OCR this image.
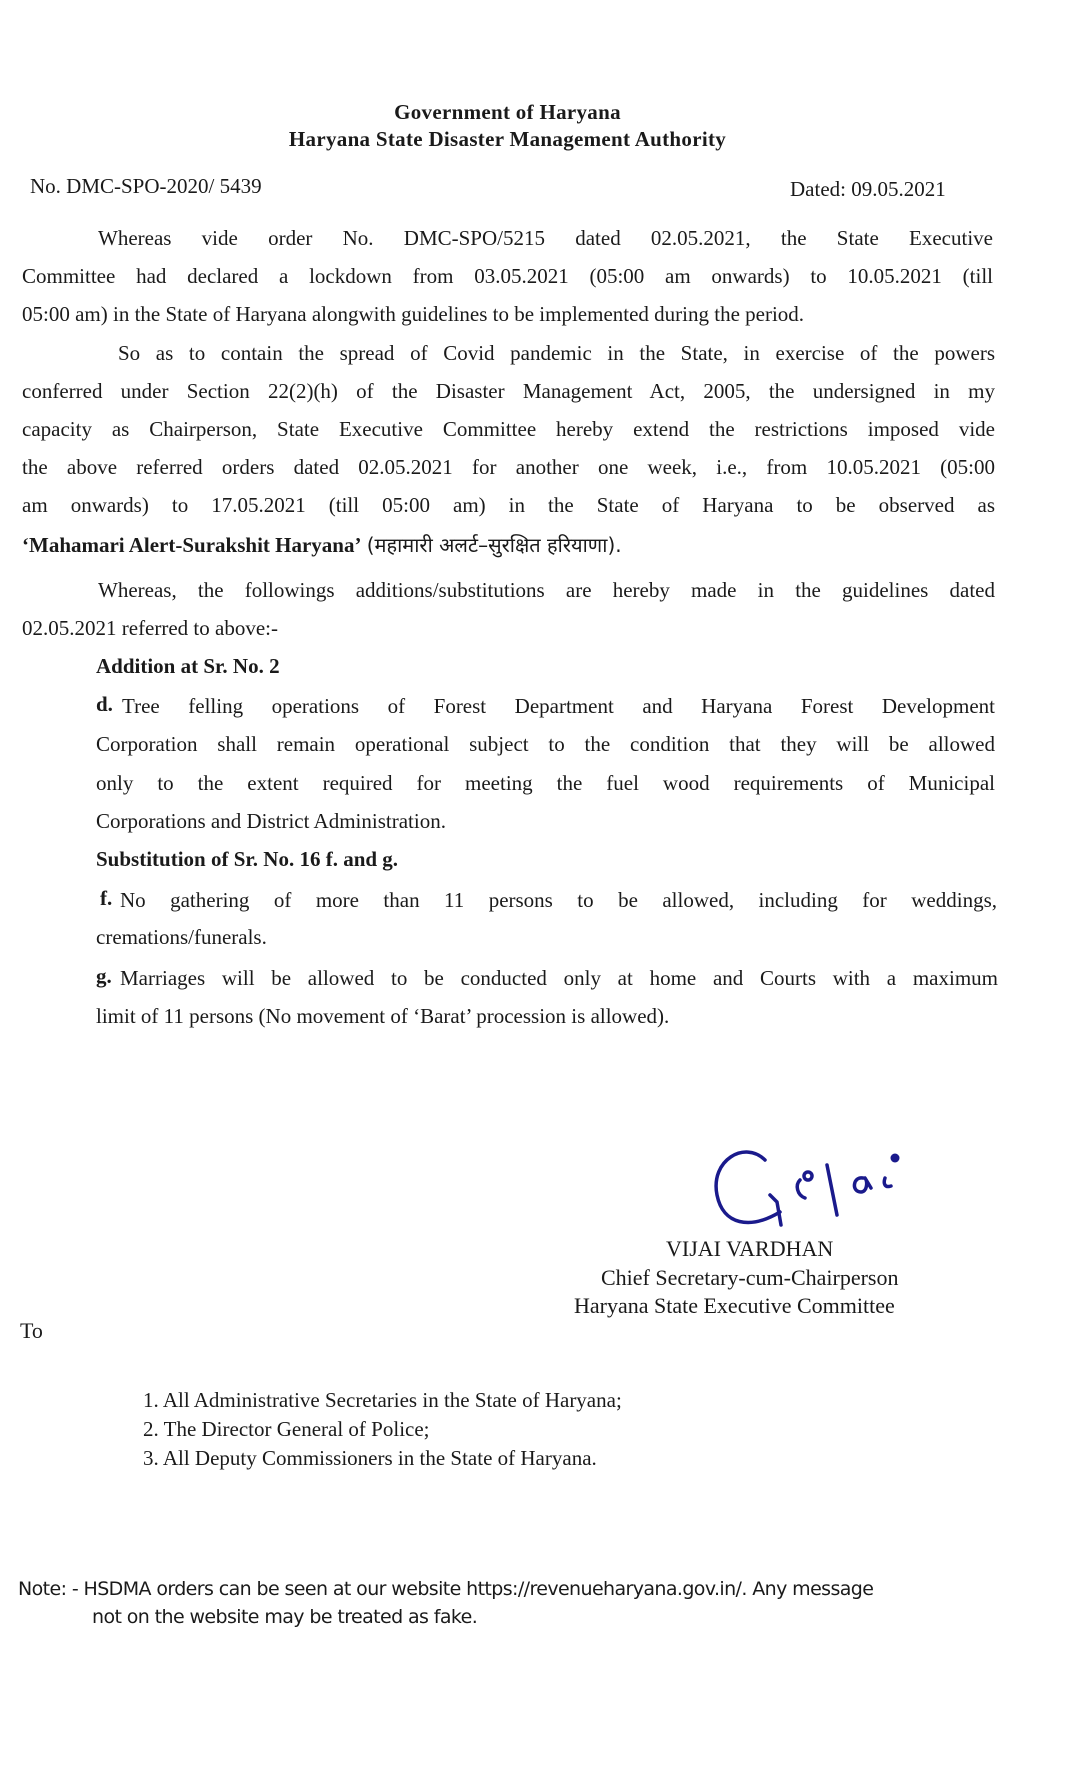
Government of Haryana
Haryana State Disaster Management Authority
No. DMC-SPO-2020/ 5439	Dated: 09.05.2021
Whereas vide order No. DMC-SPO/5215 dated 02.05.2021, the State Executive
Committee had declared a lockdown from 03.05.2021 (05:00 am onwards) to 10.05.2021 (till
05:00 am) in the State of Haryana alongwith guidelines to be implemented during the period.
So as to contain the spread of Covid pandemic in the State, in exercise of the powers
conferred under Section 22(2)(h) of the Disaster Management Act, 2005, the undersigned in my
capacity as Chairperson, State Executive Committee hereby extend the restrictions imposed vide
the above referred orders dated 02.05.2021 for another one week, i.e., from 10.05.2021 (05:00
am onwards) to 17.05.2021 (till 05:00 am) in the State of Haryana to be observed as
‘Mahamari Alert-Surakshit Haryana’ (महामारी अलर्ट–सुरक्षित हरियाणा).
Whereas, the followings additions/substitutions are hereby made in the guidelines dated
02.05.2021 referred to above:-
Addition at Sr. No. 2
d. Tree felling operations of Forest Department and Haryana Forest Development
Corporation shall remain operational subject to the condition that they will be allowed
only to the extent required for meeting the fuel wood requirements of Municipal
Corporations and District Administration.
Substitution of Sr. No. 16 f. and g.
f. No gathering of more than 11 persons to be allowed, including for weddings,
cremations/funerals.
g. Marriages will be allowed to be conducted only at home and Courts with a maximum
limit of 11 persons (No movement of ‘Barat’ procession is allowed).
VIJAI VARDHAN
Chief Secretary-cum-Chairperson
Haryana State Executive Committee
To
1. All Administrative Secretaries in the State of Haryana;
2. The Director General of Police;
3. All Deputy Commissioners in the State of Haryana.
Note: - HSDMA orders can be seen at our website https://revenueharyana.gov.in/. Any message
not on the website may be treated as fake.
